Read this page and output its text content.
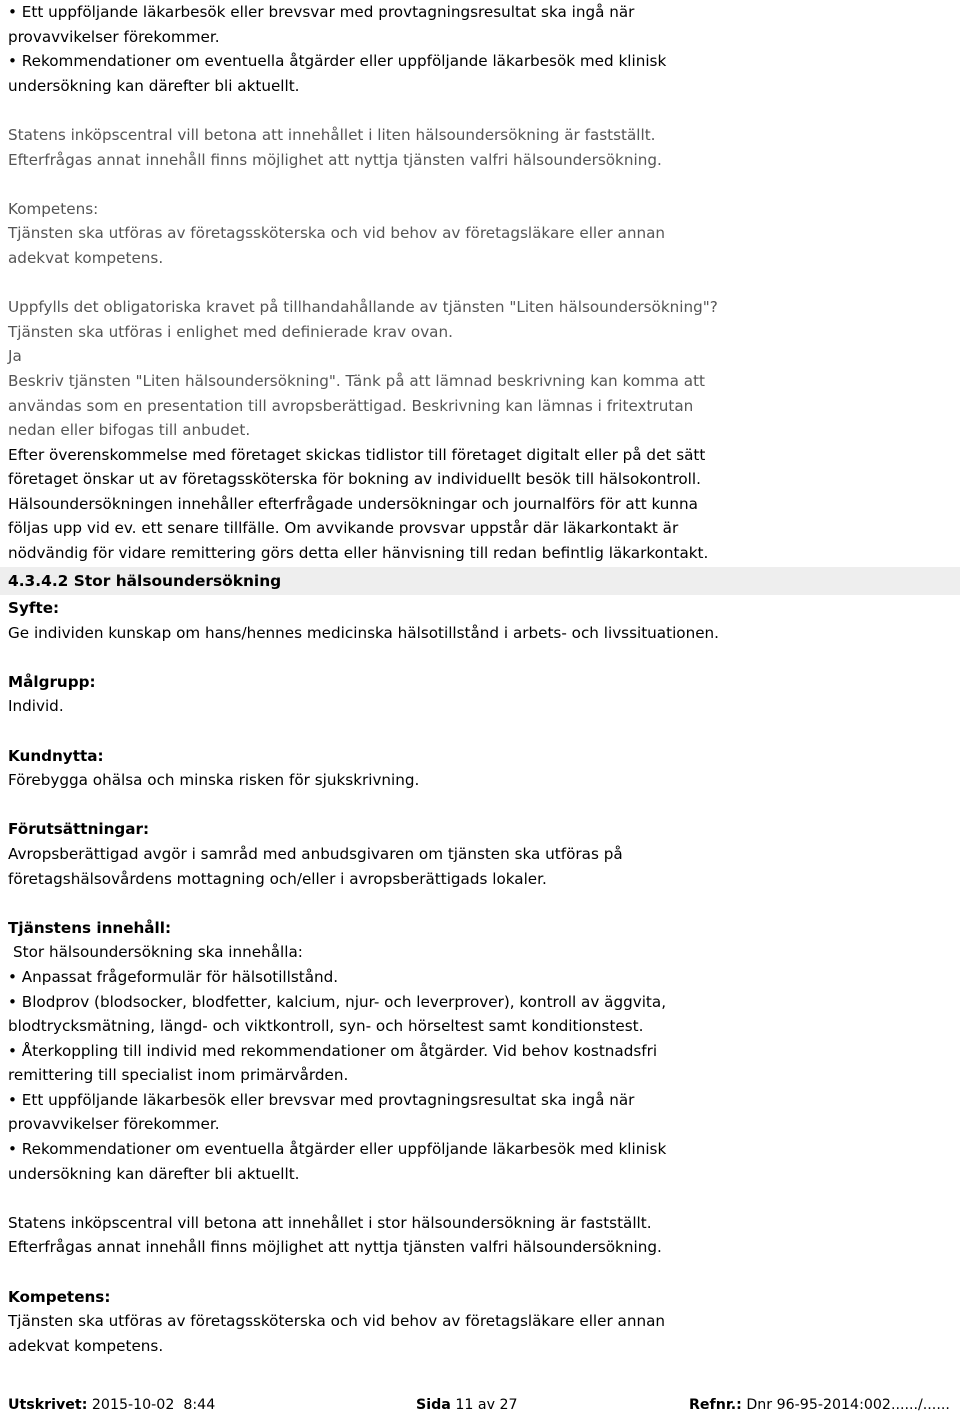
• Ett uppföljande läkarbesök eller brevsvar med provtagningsresultat ska ingå när
provavvikelser förekommer.
• Rekommendationer om eventuella åtgärder eller uppföljande läkarbesök med klinisk
undersökning kan därefter bli aktuellt.
Statens inköpscentral vill betona att innehållet i liten hälsoundersökning är fastställt.
Efterfrågas annat innehåll finns möjlighet att nyttja tjänsten valfri hälsoundersökning.
Kompetens:
Tjänsten ska utföras av företagssköterska och vid behov av företagsläkare eller annan
adekvat kompetens.
Uppfylls det obligatoriska kravet på tillhandahållande av tjänsten "Liten hälsoundersökning"?
Tjänsten ska utföras i enlighet med definierade krav ovan.
Ja
Beskriv tjänsten "Liten hälsoundersökning". Tänk på att lämnad beskrivning kan komma att
användas som en presentation till avropsberättigad. Beskrivning kan lämnas i fritextrutan
nedan eller bifogas till anbudet.
Efter överenskommelse med företaget skickas tidlistor till företaget digitalt eller på det sätt
företaget önskar ut av företagssköterska för bokning av individuellt besök till hälsokontroll.
Hälsoundersökningen innehåller efterfrågade undersökningar och journalförs för att kunna
följas upp vid ev. ett senare tillfälle. Om avvikande provsvar uppstår där läkarkontakt är
nödvändig för vidare remittering görs detta eller hänvisning till redan befintlig läkarkontakt.
4.3.4.2 Stor hälsoundersökning
Syfte:
Ge individen kunskap om hans/hennes medicinska hälsotillstånd i arbets- och livssituationen.
Målgrupp:
Individ.
Kundnytta:
Förebygga ohälsa och minska risken för sjukskrivning.
Förutsättningar:
Avropsberättigad avgör i samråd med anbudsgivaren om tjänsten ska utföras på
företagshälsovårdens mottagning och/eller i avropsberättigads lokaler.
Tjänstens innehåll:
Stor hälsoundersökning ska innehålla:
• Anpassat frågeformulär för hälsotillstånd.
• Blodprov (blodsocker, blodfetter, kalcium, njur- och leverprover), kontroll av äggvita,
blodtrycksmätning, längd- och viktkontroll, syn- och hörseltest samt konditionstest.
• Återkoppling till individ med rekommendationer om åtgärder. Vid behov kostnadsfri
remittering till specialist inom primärvården.
• Ett uppföljande läkarbesök eller brevsvar med provtagningsresultat ska ingå när
provavvikelser förekommer.
• Rekommendationer om eventuella åtgärder eller uppföljande läkarbesök med klinisk
undersökning kan därefter bli aktuellt.
Statens inköpscentral vill betona att innehållet i stor hälsoundersökning är fastställt.
Efterfrågas annat innehåll finns möjlighet att nyttja tjänsten valfri hälsoundersökning.
Kompetens:
Tjänsten ska utföras av företagssköterska och vid behov av företagsläkare eller annan
adekvat kompetens.
Utskrivet: 2015-10-02  8:44	Sida 11 av 27	Refnr.: Dnr 96-95-2014:002....../......
